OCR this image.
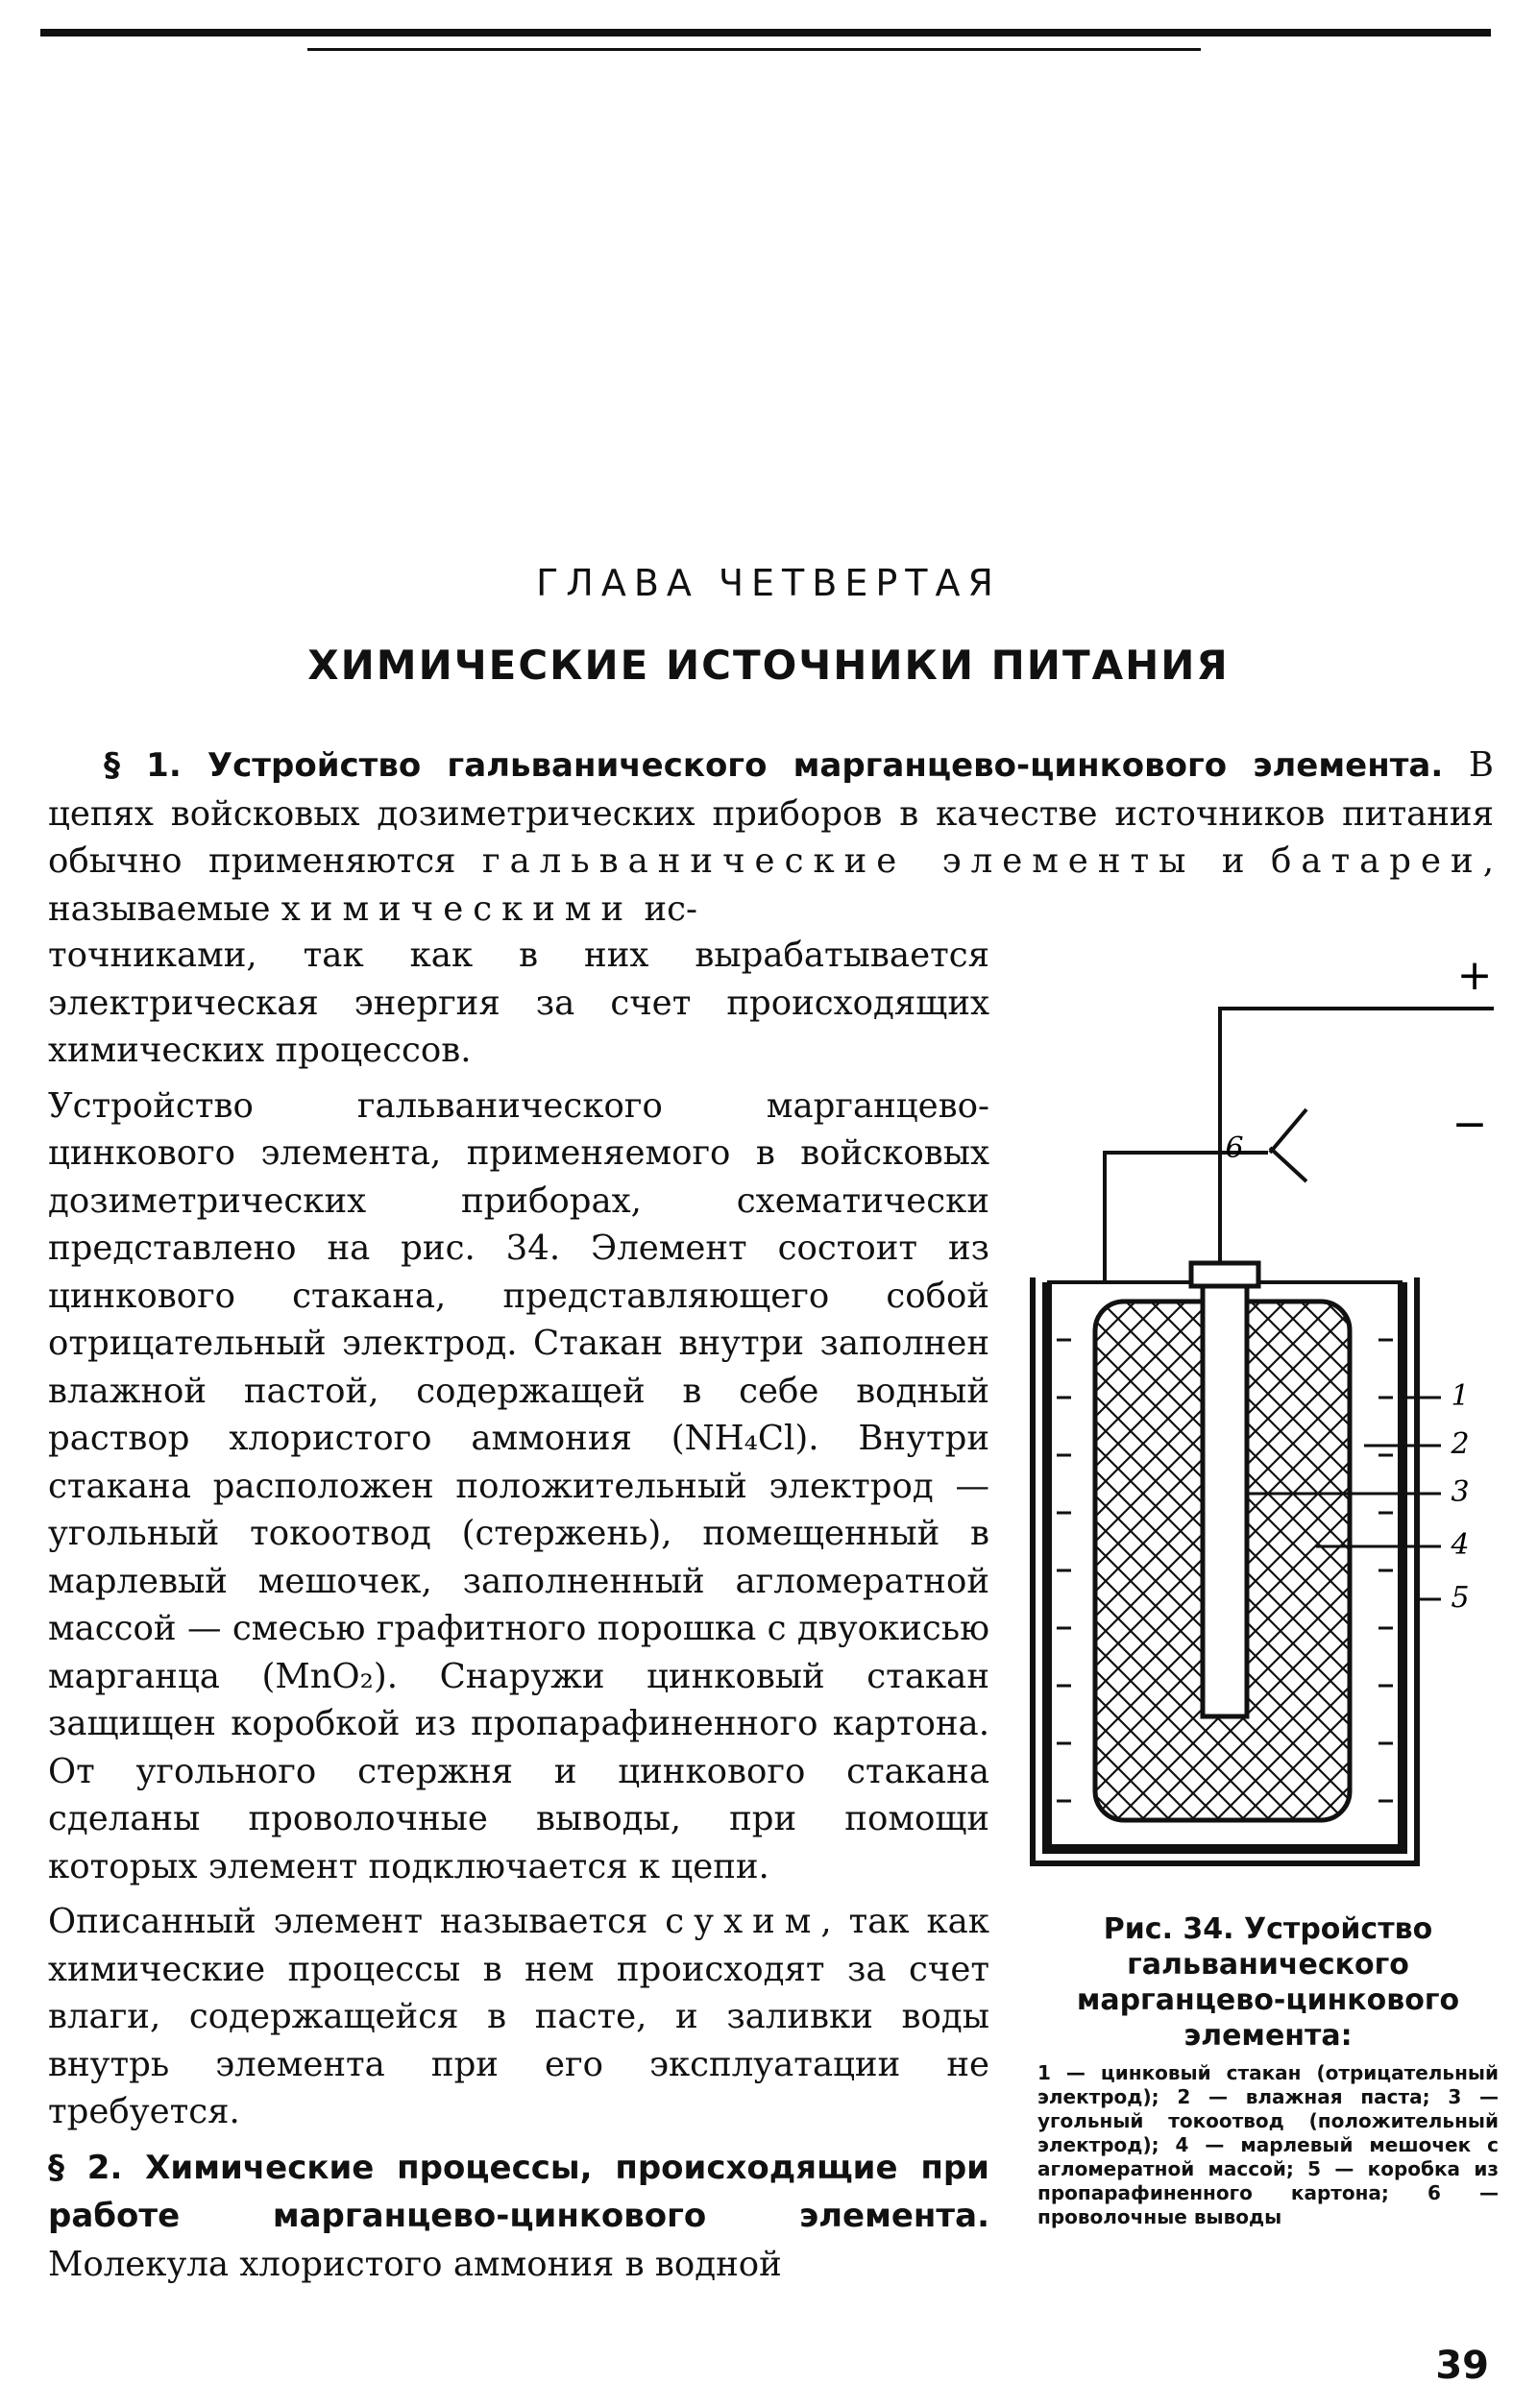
ГЛАВА ЧЕТВЕРТАЯ
ХИМИЧЕСКИЕ ИСТОЧНИКИ ПИТАНИЯ

§ 1. Устройство гальванического марганцево-цинкового элемента. В цепях войсковых дозиметрических приборов в качестве источников питания обычно применяются гальванические элементы и батареи, называемые химическими ис-

точниками, так как в них вырабатывается электрическая энергия за счет происходящих химических процессов.

Устройство гальванического марганцево-цинкового элемента, применяемого в войсковых дозиметрических приборах, схематически представлено на рис. 34. Элемент состоит из цинкового стакана, представляющего собой отрицательный электрод. Стакан внутри заполнен влажной пастой, содержащей в себе водный раствор хлористого аммония (NH₄Cl). Внутри стакана расположен положительный электрод — угольный токоотвод (стержень), помещенный в марлевый мешочек, заполненный агломератной массой — смесью графитного порошка с двуокисью марганца (MnO₂). Снаружи цинковый стакан защищен коробкой из пропарафиненного картона. От угольного стержня и цинкового стакана сделаны проволочные выводы, при помощи которых элемент подключается к цепи.

Описанный элемент называется сухим, так как химические процессы в нем происходят за счет влаги, содержащейся в пасте, и заливки воды внутрь элемента при его эксплуатации не требуется.

§ 2. Химические процессы, происходящие при работе марганцево-цинкового элемента. Молекула хлористого аммония в водной

+
−
6
1
2
3
4
5
Рис. 34. Устройство гальванического марганцево-цинкового элемента:
1 — цинковый стакан (отрицательный электрод); 2 — влажная паста; 3 — угольный токоотвод (положительный электрод); 4 — марлевый мешочек с агломератной массой; 5 — коробка из пропарафиненного картона; 6 — проволочные выводы
39
